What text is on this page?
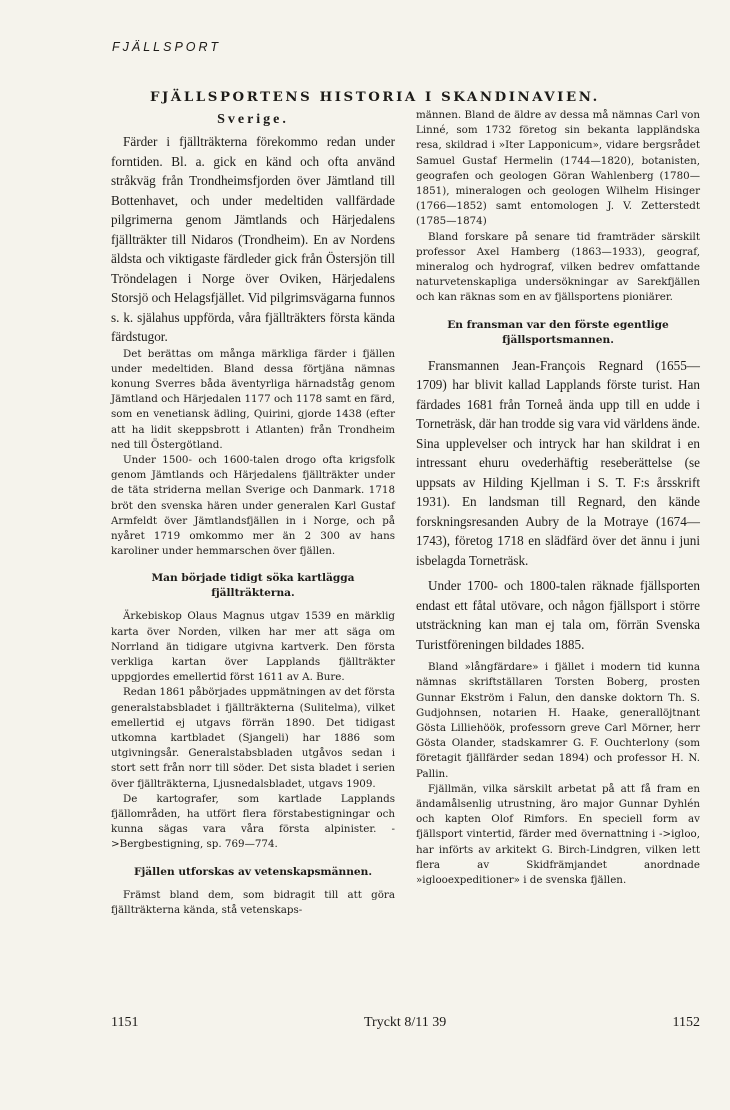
FJÄLLSPORT
FJÄLLSPORTENS HISTORIA I SKANDINAVIEN.
Sverige.

Färder i fjällträkterna förekommo redan under forntiden. Bl. a. gick en känd och ofta använd stråkväg från Trondheimsfjorden över Jämtland till Bottenhavet, och under medeltiden vallfärdade pilgrimerna genom Jämtlands och Härjedalens fjällträkter till Nidaros (Trondheim). En av Nordens äldsta och viktigaste färdleder gick från Östersjön till Tröndelagen i Norge över Oviken, Härjedalens Storsjö och Helagsfjället. Vid pilgrimsvägarna funnos s. k. själahus uppförda, våra fjällträkters första kända färdstugor.

Det berättas om många märkliga färder i fjällen under medeltiden. Bland dessa förtjäna nämnas konung Sverres båda äventyrliga härnadståg genom Jämtland och Härjedalen 1177 och 1178 samt en färd, som en venetiansk ädling, Quirini, gjorde 1438 (efter att ha lidit skeppsbrott i Atlanten) från Trondheim ned till Östergötland.

Under 1500- och 1600-talen drogo ofta krigsfolk genom Jämtlands och Härjedalens fjällträkter under de täta striderna mellan Sverige och Danmark. 1718 bröt den svenska hären under generalen Karl Gustaf Armfeldt över Jämtlandsfjällen in i Norge, och på nyåret 1719 omkommo mer än 2 300 av hans karoliner under hemmarschen över fjällen.

Man började tidigt söka kartlägga fjällträkterna.

Ärkebiskop Olaus Magnus utgav 1539 en märklig karta över Norden, vilken har mer att säga om Norrland än tidigare utgivna kartverk. Den första verkliga kartan över Lapplands fjällträkter uppgjordes emellertid först 1611 av A. Bure.

Redan 1861 påbörjades uppmätningen av det första generalstabsbladet i fjällträkterna (Sulitelma), vilket emellertid ej utgavs förrän 1890. Det tidigast utkomna kartbladet (Sjangeli) har 1886 som utgivningsår. Generalstabsbladen utgåvos sedan i stort sett från norr till söder. Det sista bladet i serien över fjällträkterna, Ljusnedalsbladet, utgavs 1909.

De kartografer, som kartlade Lapplands fjällområden, ha utfört flera förstabestigningar och kunna sägas vara våra första alpinister. ->Bergbestigning, sp. 769—774.

Fjällen utforskas av vetenskapsmännen.

Främst bland dem, som bidragit till att göra fjällträkterna kända, stå vetenskaps-

männen. Bland de äldre av dessa må nämnas Carl von Linné, som 1732 företog sin bekanta lappländska resa, skildrad i »Iter Lapponicum», vidare bergsrådet Samuel Gustaf Hermelin (1744—1820), botanisten, geografen och geologen Göran Wahlenberg (1780—1851), mineralogen och geologen Wilhelm Hisinger (1766—1852) samt entomologen J. V. Zetterstedt (1785—1874)

Bland forskare på senare tid framträder särskilt professor Axel Hamberg (1863—1933), geograf, mineralog och hydrograf, vilken bedrev omfattande naturvetenskapliga undersökningar av Sarekfjällen och kan räknas som en av fjällsportens pioniärer.

En fransman var den förste egentlige fjällsportsmannen.

Fransmannen Jean-François Regnard (1655—1709) har blivit kallad Lapplands förste turist. Han färdades 1681 från Torneå ända upp till en udde i Torneträsk, där han trodde sig vara vid världens ände. Sina upplevelser och intryck har han skildrat i en intressant ehuru ovederhäftig reseberättelse (se uppsats av Hilding Kjellman i S. T. F:s årsskrift 1931). En landsman till Regnard, den kände forskningsresanden Aubry de la Motraye (1674—1743), företog 1718 en slädfärd över det ännu i juni isbelagda Torneträsk.

Under 1700- och 1800-talen räknade fjällsporten endast ett fåtal utövare, och någon fjällsport i större utsträckning kan man ej tala om, förrän Svenska Turistföreningen bildades 1885.

Bland »långfärdare» i fjället i modern tid kunna nämnas skriftställaren Torsten Boberg, prosten Gunnar Ekström i Falun, den danske doktorn Th. S. Gudjohnsen, notarien H. Haake, generallöjtnant Gösta Lilliehöök, professorn greve Carl Mörner, herr Gösta Olander, stadskamrer G. F. Ouchterlony (som företagit fjällfärder sedan 1894) och professor H. N. Pallin.

Fjällmän, vilka särskilt arbetat på att få fram en ändamålsenlig utrustning, äro major Gunnar Dyhlén och kapten Olof Rimfors. En speciell form av fjällsport vintertid, färder med övernattning i ->igloo, har införts av arkitekt G. Birch-Lindgren, vilken lett flera av Skidfrämjandet anordnade »iglooexpeditioner» i de svenska fjällen.

1151	Tryckt 8/11 39	1152
